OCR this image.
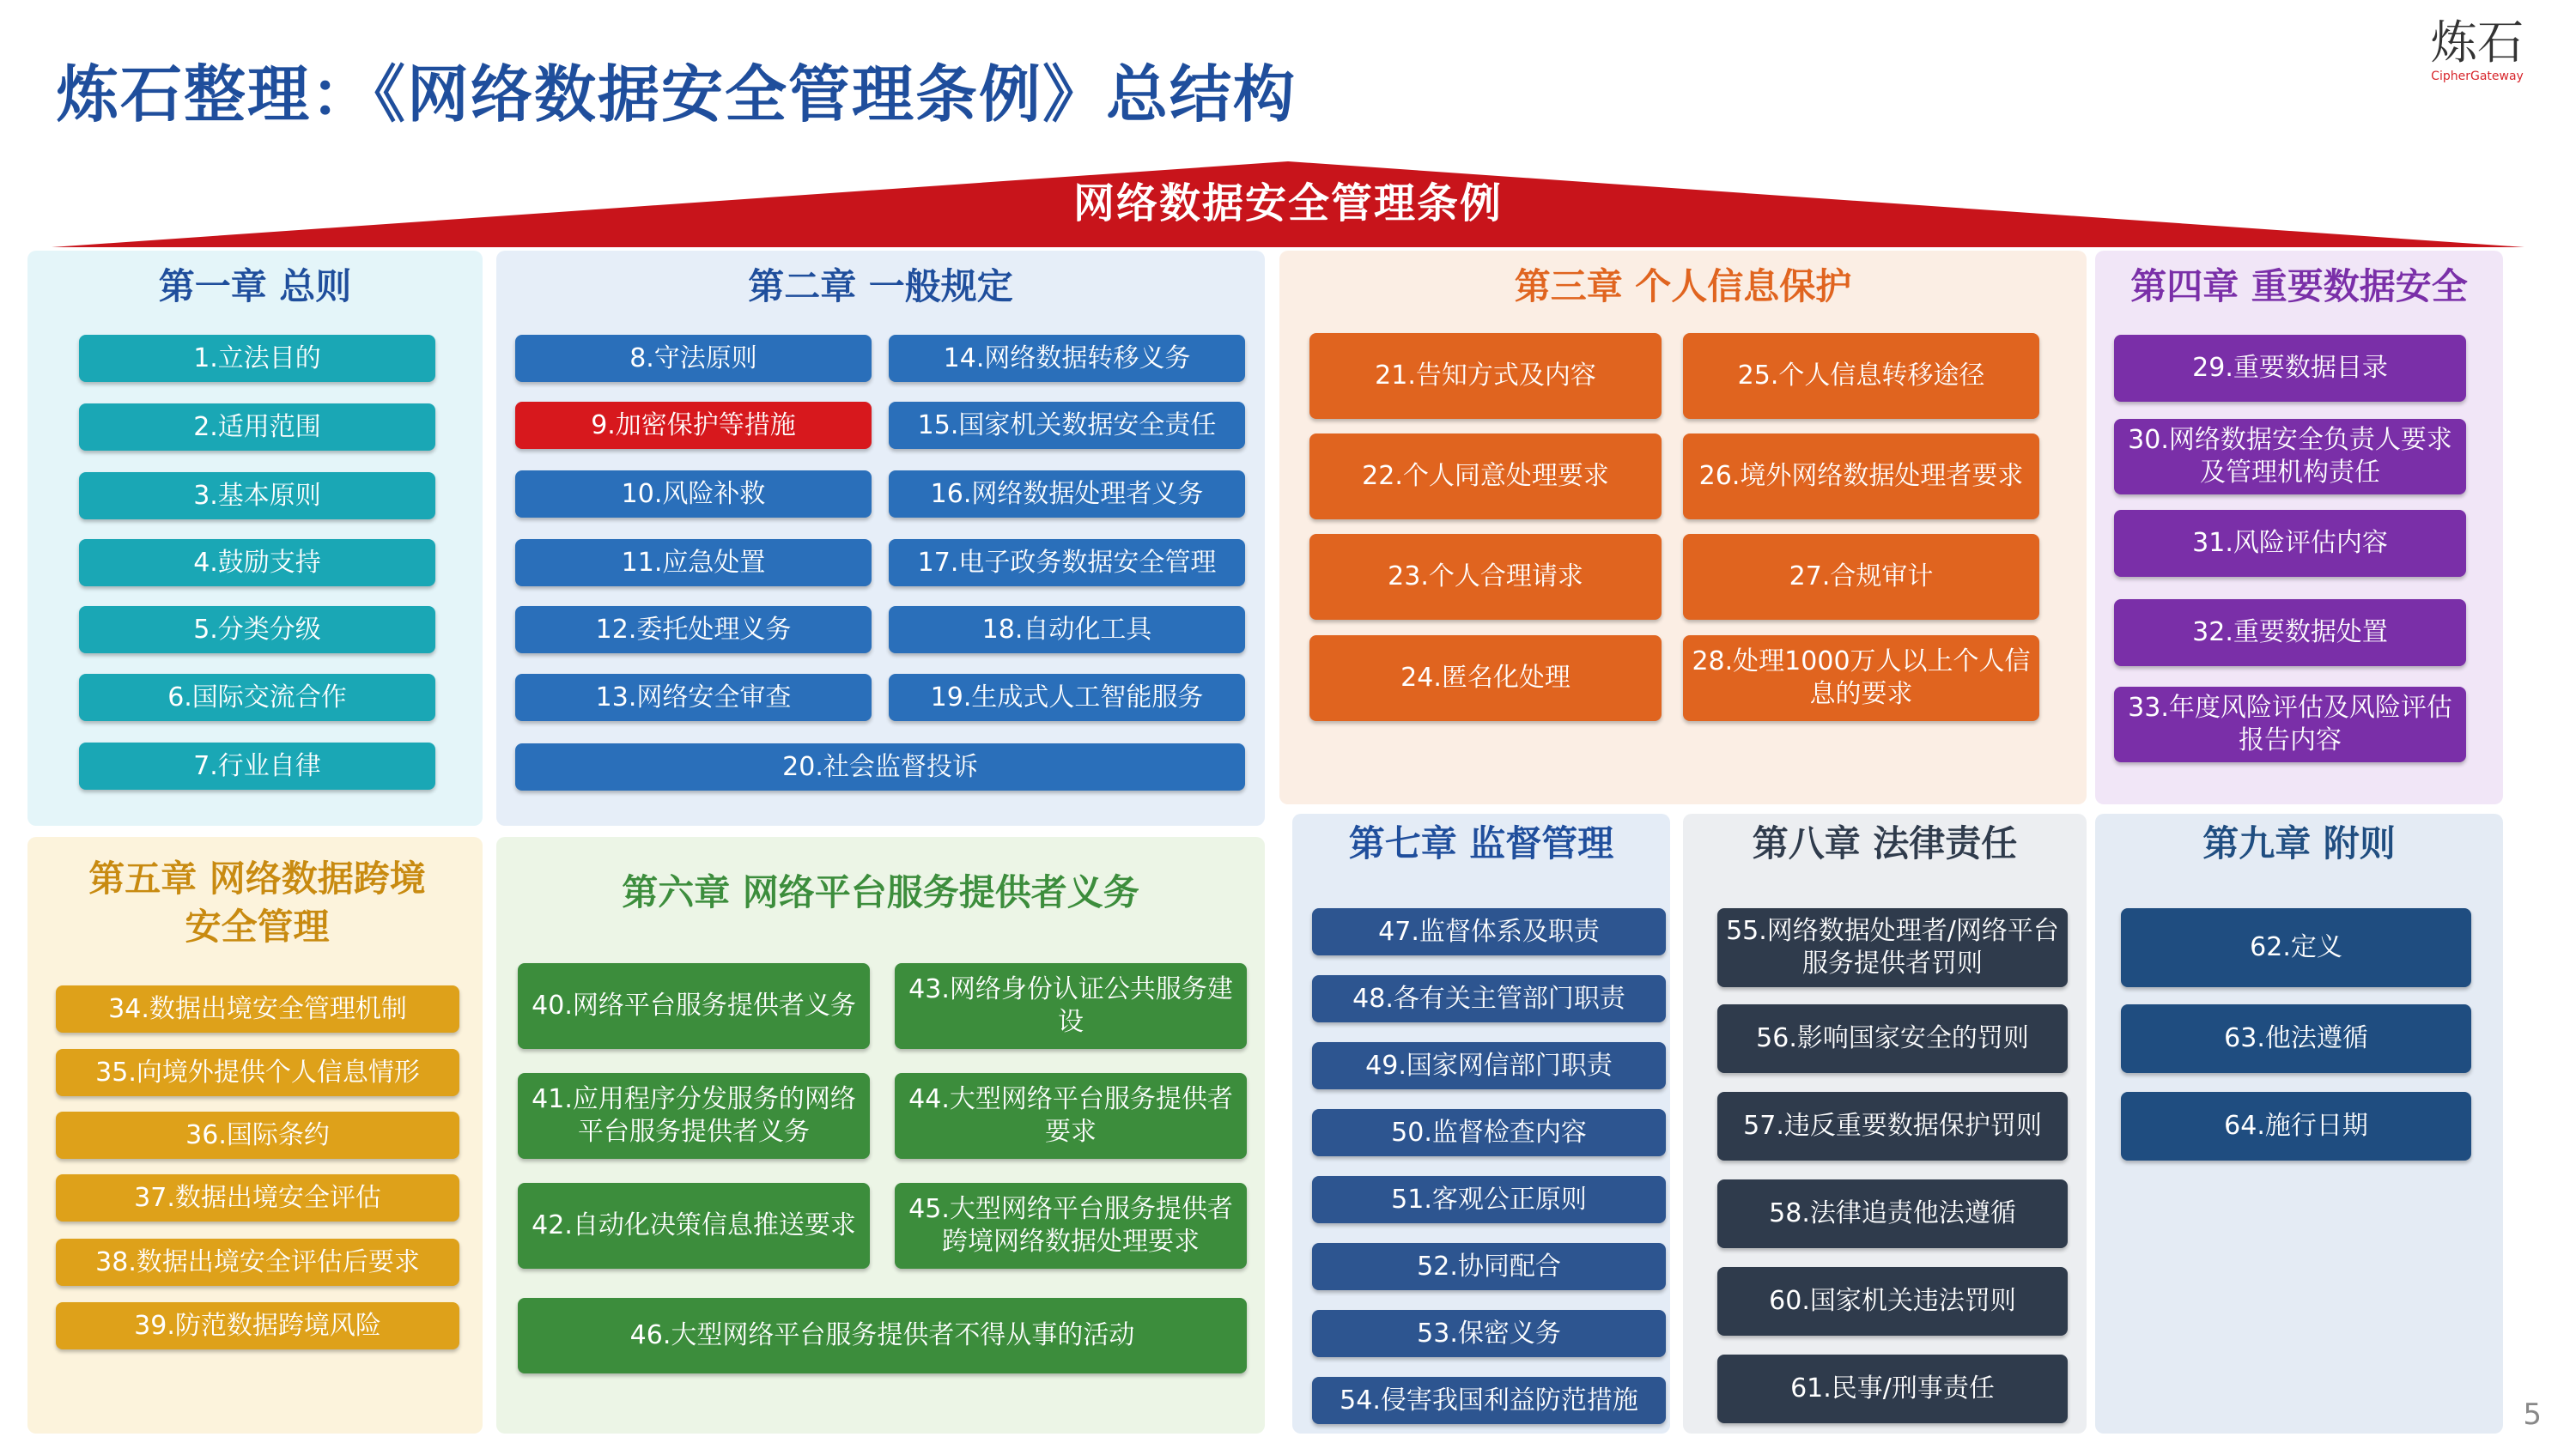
炼石整理：《网络数据安全管理条例》总结构
炼石
CipherGateway
网络数据安全管理条例
第一章 总则
1.立法目的
2.适用范围
3.基本原则
4.鼓励支持
5.分类分级
6.国际交流合作
7.行业自律
第二章 一般规定
8.守法原则
9.加密保护等措施
10.风险补救
11.应急处置
12.委托处理义务
13.网络安全审查
14.网络数据转移义务
15.国家机关数据安全责任
16.网络数据处理者义务
17.电子政务数据安全管理
18.自动化工具
19.生成式人工智能服务
20.社会监督投诉
第三章 个人信息保护
21.告知方式及内容
22.个人同意处理要求
23.个人合理请求
24.匿名化处理
25.个人信息转移途径
26.境外网络数据处理者要求
27.合规审计
28.处理1000万人以上个人信息的要求
第四章 重要数据安全
29.重要数据目录
30.网络数据安全负责人要求及管理机构责任
31.风险评估内容
32.重要数据处置
33.年度风险评估及风险评估报告内容
第五章 网络数据跨境安全管理
34.数据出境安全管理机制
35.向境外提供个人信息情形
36.国际条约
37.数据出境安全评估
38.数据出境安全评估后要求
39.防范数据跨境风险
第六章 网络平台服务提供者义务
40.网络平台服务提供者义务
41.应用程序分发服务的网络平台服务提供者义务
42.自动化决策信息推送要求
43.网络身份认证公共服务建设
44.大型网络平台服务提供者要求
45.大型网络平台服务提供者跨境网络数据处理要求
46.大型网络平台服务提供者不得从事的活动
第七章 监督管理
47.监督体系及职责
48.各有关主管部门职责
49.国家网信部门职责
50.监督检查内容
51.客观公正原则
52.协同配合
53.保密义务
54.侵害我国利益防范措施
第八章 法律责任
55.网络数据处理者/网络平台服务提供者罚则
56.影响国家安全的罚则
57.违反重要数据保护罚则
58.法律追责他法遵循
60.国家机关违法罚则
61.民事/刑事责任
第九章 附则
62.定义
63.他法遵循
64.施行日期
5
